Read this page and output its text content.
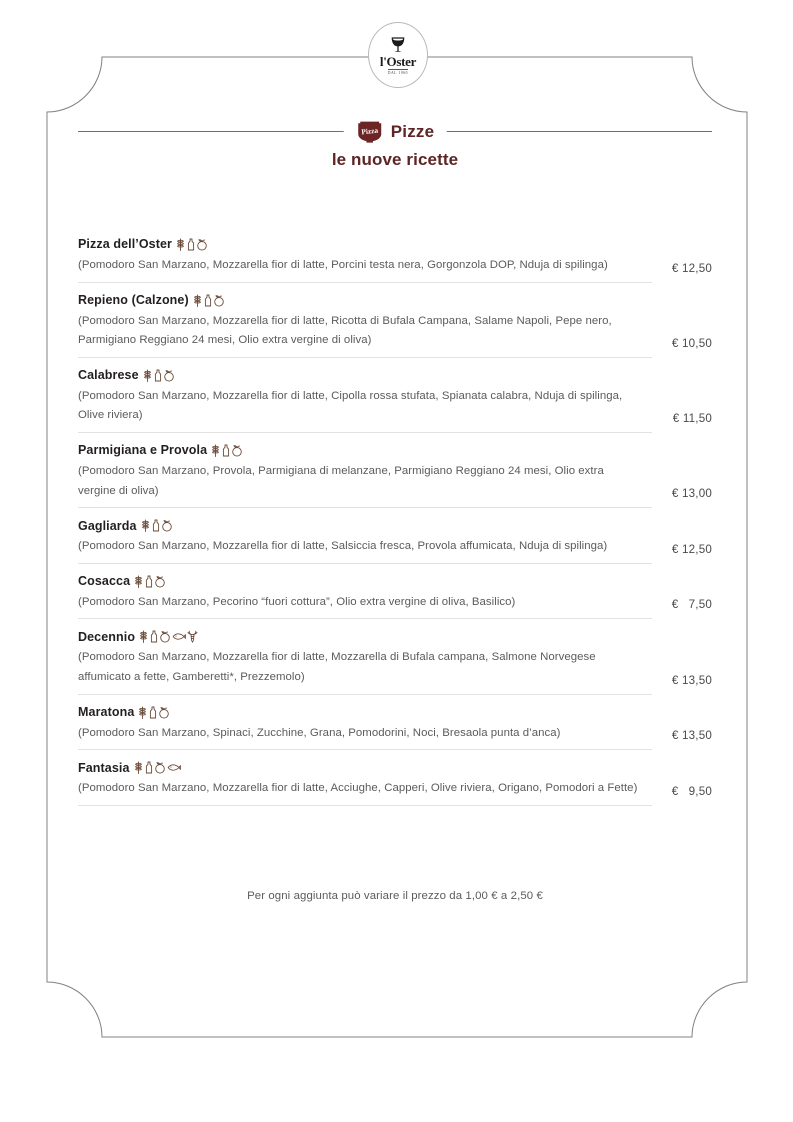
l'Oster
DAL 1960
Pizza Pizze
le nuove ricette
Pizza dell’Oster
(Pomodoro San Marzano, Mozzarella fior di latte, Porcini testa nera, Gorgonzola DOP, Nduja di spilinga)	€ 12,50
Repieno (Calzone)
(Pomodoro San Marzano, Mozzarella fior di latte, Ricotta di Bufala Campana, Salame Napoli, Pepe nero, Parmigiano Reggiano 24 mesi, Olio extra vergine di oliva)	€ 10,50
Calabrese
(Pomodoro San Marzano, Mozzarella fior di latte, Cipolla rossa stufata, Spianata calabra, Nduja di spilinga, Olive riviera)	€ 11,50
Parmigiana e Provola
(Pomodoro San Marzano, Provola, Parmigiana di melanzane, Parmigiano Reggiano 24 mesi, Olio extra vergine di oliva)	€ 13,00
Gagliarda
(Pomodoro San Marzano, Mozzarella fior di latte, Salsiccia fresca, Provola affumicata, Nduja di spilinga)	€ 12,50
Cosacca
(Pomodoro San Marzano, Pecorino “fuori cottura”, Olio extra vergine di oliva, Basilico)	€   7,50
Decennio
(Pomodoro San Marzano, Mozzarella fior di latte, Mozzarella di Bufala campana, Salmone Norvegese affumicato a fette, Gamberetti*, Prezzemolo)	€ 13,50
Maratona
(Pomodoro San Marzano, Spinaci, Zucchine, Grana, Pomodorini, Noci, Bresaola punta d’anca)	€ 13,50
Fantasia
(Pomodoro San Marzano, Mozzarella fior di latte, Acciughe, Capperi, Olive riviera, Origano, Pomodori a Fette)	€   9,50
Per ogni aggiunta può variare il prezzo da 1,00 € a 2,50 €
